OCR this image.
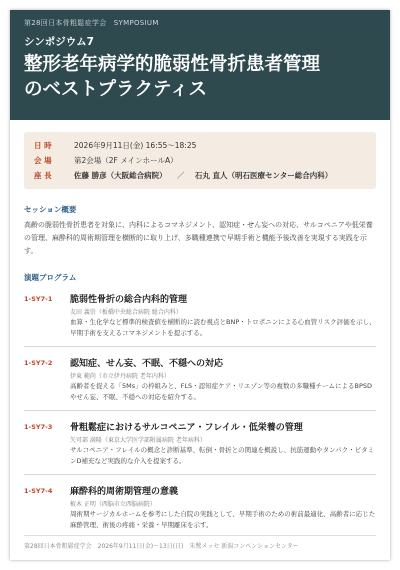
第28回日本骨粗鬆症学会　SYMPOSIUM
シンポジウム7
整形老年病学的脆弱性骨折患者管理
のベストプラクティス
日 時	2026年9月11日(金) 16:55～18:25
会 場	第2会場（2F メインホールA）
座 長	佐藤 勝彦（大阪総合病院） ／ 石丸 直人（明石医療センター総合内科）
セッション概要
高齢の脆弱性骨折患者を対象に、内科によるコマネジメント、認知症・せん妄への対応、サルコペニアや低栄養の管理、麻酔科的周術期管理を横断的に取り上げ、多職種連携で早期手術と機能予後改善を実現する実践を示す。
演題プログラム
1-SY7-1	脆弱性骨折の総合内科的管理
友田 義崇（板橋中央総合病院 総合内科）
血算・生化学など標準的検査値を横断的に読む視点とBNP・トロポニンによる心血管リスク評価を示し、早期手術を支えるコマネジメントを提示する。
1-SY7-2	認知症、せん妄、不眠、不穏への対応
伊東 範尚（市立伊丹病院 老年内科）
高齢者を捉える「5Ms」の枠組みと、FLS・認知症ケア・リエゾン等の複数の多職種チームによるBPSDやせん妄、不眠、不穏への対応を紹介する。
1-SY7-3	骨粗鬆症におけるサルコペニア・フレイル・低栄養の管理
矢可部 満隆（東京大学医学部附属病院 老年病科）
サルコペニア・フレイルの概念と診断基準、転倒・骨折との関連を概説し、抗筋運動やタンパク・ビタミンD補充など実践的な介入を提案する。
1-SY7-4	麻酔科的周術期管理の意義
植木 正明（西脳市立西脳病院）
周術期サージカルホームを参考にした自院の実践として、早期手術のための術前最適化、高齢者に応じた麻酔管理、術後の疼痛・栄養・早期離床を示す。
第28回日本骨粗鬆症学会　2026年9月11日(金)～13日(日)　朱鷺メッセ 新潟コンベンションセンター
